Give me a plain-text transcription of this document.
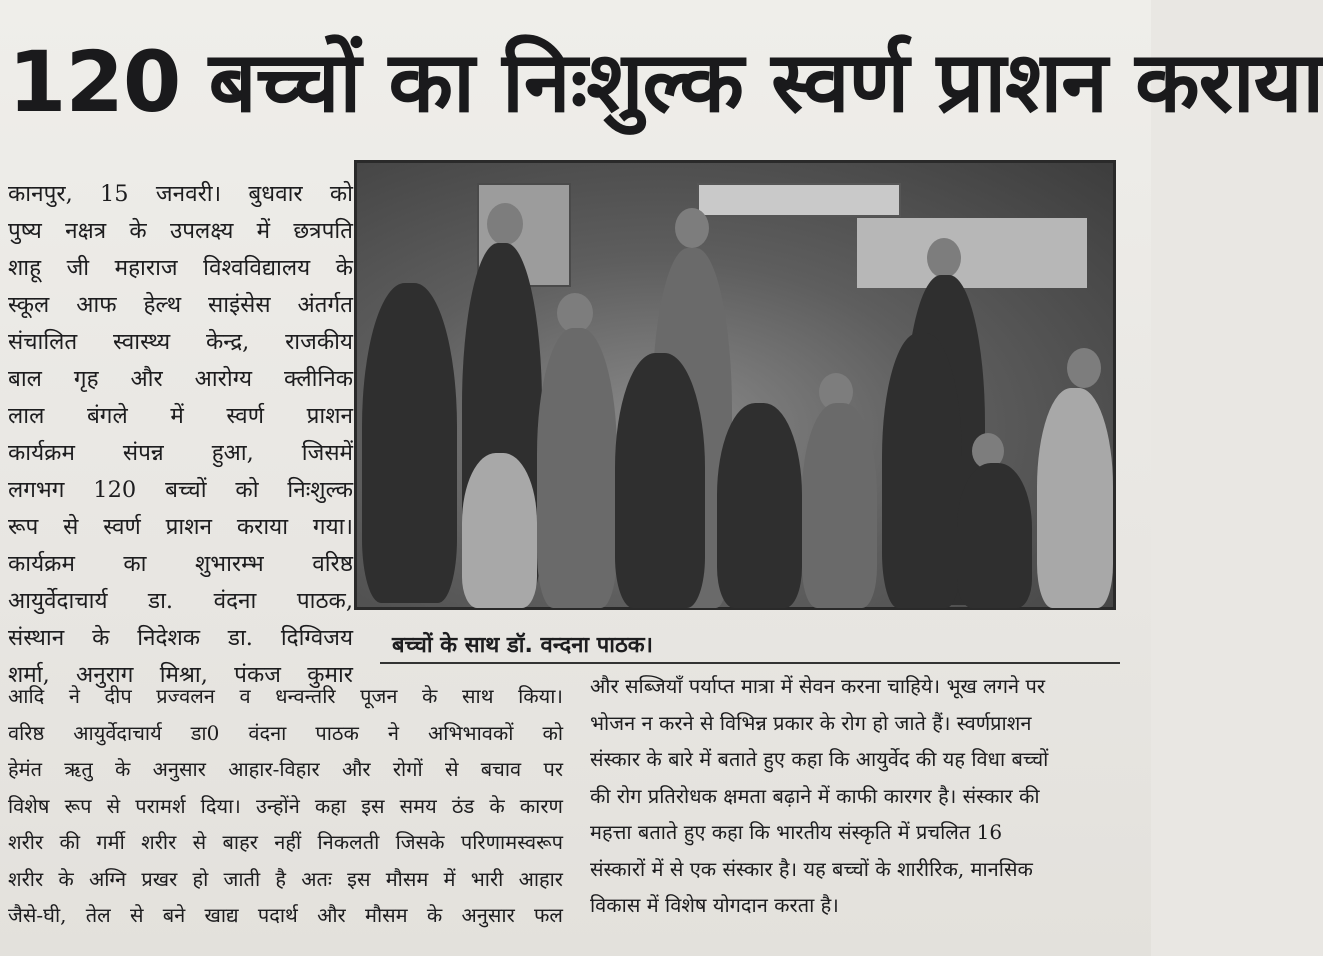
120 बच्चों का निःशुल्क स्वर्ण प्राशन कराया

कानपुर, 15 जनवरी। बुधवार को

पुष्य नक्षत्र के उपलक्ष्य में छत्रपति

शाहू जी महाराज विश्वविद्यालय के

स्कूल आफ हेल्थ साइंसेस अंतर्गत

संचालित स्वास्थ्य केन्द्र, राजकीय

बाल गृह और आरोग्य क्लीनिक

लाल बंगले में स्वर्ण प्राशन

कार्यक्रम संपन्न हुआ, जिसमें

लगभग 120 बच्चों को निःशुल्क

रूप से स्वर्ण प्राशन कराया गया।

कार्यक्रम का शुभारम्भ वरिष्ठ

आयुर्वेदाचार्य डा. वंदना पाठक,

संस्थान के निदेशक डा. दिग्विजय

शर्मा, अनुराग मिश्रा, पंकज कुमार

बच्चों के साथ डॉ. वन्दना पाठक।

आदि ने दीप प्रज्वलन व धन्वन्तरि पूजन के साथ किया।

वरिष्ठ आयुर्वेदाचार्य डा0 वंदना पाठक ने अभिभावकों को

हेमंत ऋतु के अनुसार आहार-विहार और रोगों से बचाव पर

विशेष रूप से परामर्श दिया। उन्होंने कहा इस समय ठंड के कारण

शरीर की गर्मी शरीर से बाहर नहीं निकलती जिसके परिणामस्वरूप

शरीर के अग्नि प्रखर हो जाती है अतः इस मौसम में भारी आहार

जैसे-घी, तेल से बने खाद्य पदार्थ और मौसम के अनुसार फल

और सब्जियाँ पर्याप्त मात्रा में सेवन करना चाहिये। भूख लगने पर

भोजन न करने से विभिन्न प्रकार के रोग हो जाते हैं। स्वर्णप्राशन

संस्कार के बारे में बताते हुए कहा कि आयुर्वेद की यह विधा बच्चों

की रोग प्रतिरोधक क्षमता बढ़ाने में काफी कारगर है। संस्कार की

महत्ता बताते हुए कहा कि भारतीय संस्कृति में प्रचलित 16

संस्कारों में से एक संस्कार है। यह बच्चों के शारीरिक, मानसिक

विकास में विशेष योगदान करता है।
